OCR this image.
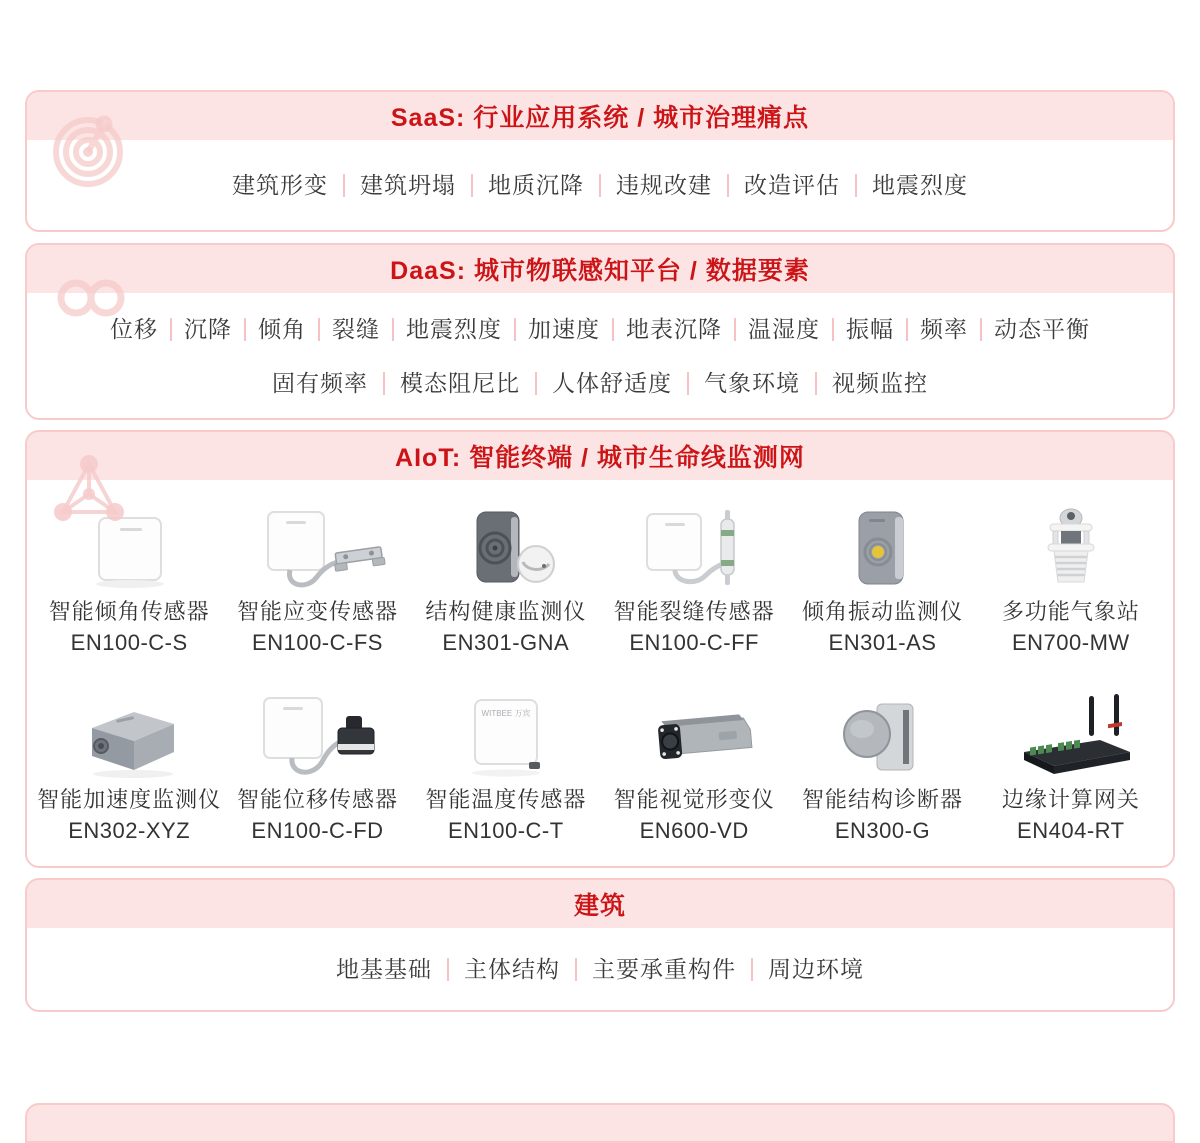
SaaS: 行业应用系统 / 城市治理痛点
建筑形变	建筑坍塌	地质沉降	违规改建	改造评估	地震烈度
DaaS: 城市物联感知平台 / 数据要素
位移	沉降	倾角	裂缝	地震烈度	加速度	地表沉降	温湿度	振幅	频率	动态平衡
固有频率	模态阻尼比	人体舒适度	气象环境	视频监控
AIoT: 智能终端 / 城市生命线监测网
智能倾角传感器
EN100-C-S
智能应变传感器
EN100-C-FS
结构健康监测仪
EN301-GNA
智能裂缝传感器
EN100-C-FF
倾角振动监测仪
EN301-AS
多功能气象站
EN700-MW
智能加速度监测仪
EN302-XYZ
智能位移传感器
EN100-C-FD
WITBEE 万宾
智能温度传感器
EN100-C-T
智能视觉形变仪
EN600-VD
智能结构诊断器
EN300-G
边缘计算网关
EN404-RT
建筑
地基基础	主体结构	主要承重构件	周边环境
